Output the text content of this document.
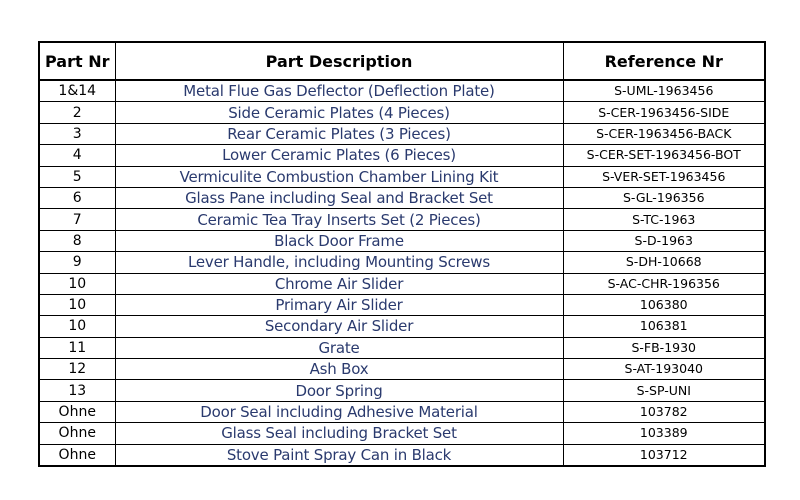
Part Nr	Part Description	Reference Nr
1&14	Metal Flue Gas Deflector (Deflection Plate)	S-UML-1963456
2	Side Ceramic Plates (4 Pieces)	S-CER-1963456-SIDE
3	Rear Ceramic Plates (3 Pieces)	S-CER-1963456-BACK
4	Lower Ceramic Plates (6 Pieces)	S-CER-SET-1963456-BOT
5	Vermiculite Combustion Chamber Lining Kit	S-VER-SET-1963456
6	Glass Pane including Seal and Bracket Set	S-GL-196356
7	Ceramic Tea Tray Inserts Set (2 Pieces)	S-TC-1963
8	Black Door Frame	S-D-1963
9	Lever Handle, including Mounting Screws	S-DH-10668
10	Chrome Air Slider	S-AC-CHR-196356
10	Primary Air Slider	106380
10	Secondary Air Slider	106381
11	Grate	S-FB-1930
12	Ash Box	S-AT-193040
13	Door Spring	S-SP-UNI
Ohne	Door Seal including Adhesive Material	103782
Ohne	Glass Seal including Bracket Set	103389
Ohne	Stove Paint Spray Can in Black	103712
